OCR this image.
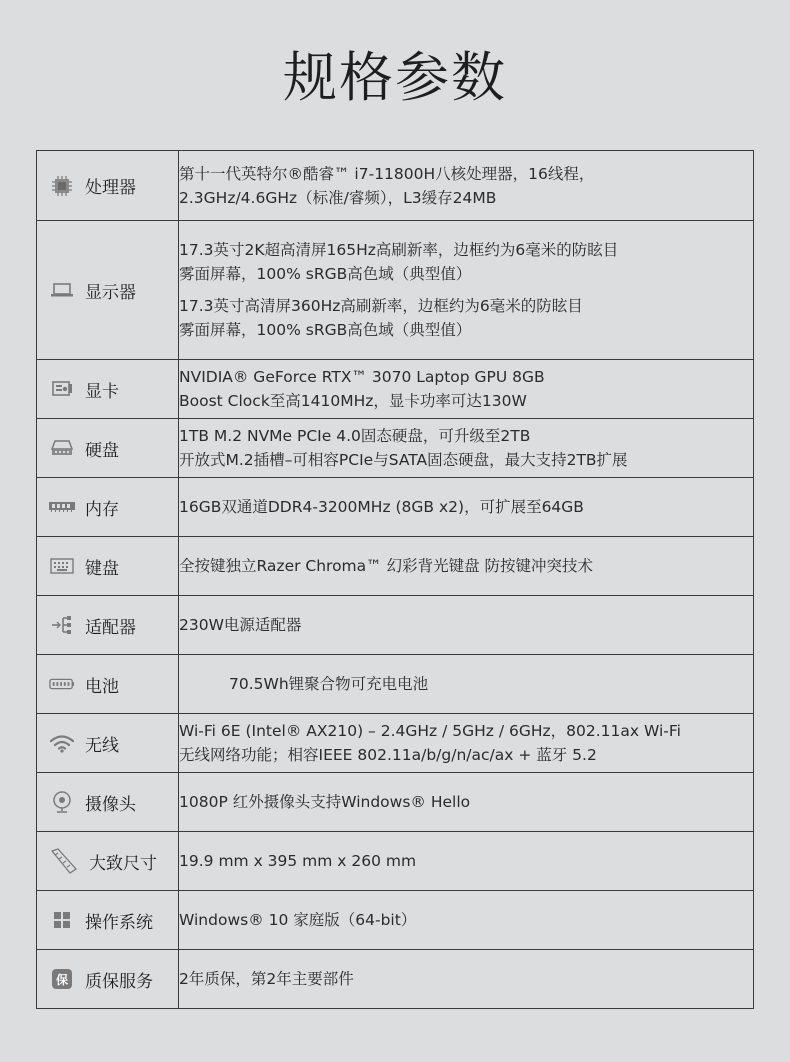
规格参数
处理器	第十一代英特尔®酷睿™ i7-11800H八核处理器，16线程，
2.3GHz/4.6GHz（标准/睿频），L3缓存24MB

显示器	17.3英寸2K超高清屏165Hz高刷新率，边框约为6毫米的防眩目
雾面屏幕，100% sRGB高色域（典型值）
17.3英寸高清屏360Hz高刷新率，边框约为6毫米的防眩目
雾面屏幕，100% sRGB高色域（典型值）

显卡	NVIDIA® GeForce RTX™ 3070 Laptop GPU 8GB
Boost Clock至高1410MHz，显卡功率可达130W

硬盘	1TB M.2 NVMe PCIe 4.0固态硬盘，可升级至2TB
开放式M.2插槽–可相容PCIe与SATA固态硬盘，最大支持2TB扩展

内存	16GB双通道DDR4-3200MHz (8GB x2)，可扩展至64GB

键盘	全按键独立Razer Chroma™ 幻彩背光键盘 防按键冲突技术

适配器	230W电源适配器

电池	70.5Wh锂聚合物可充电电池

无线	Wi-Fi 6E (Intel® AX210) – 2.4GHz / 5GHz / 6GHz，802.11ax Wi-Fi
无线网络功能；相容IEEE 802.11a/b/g/n/ac/ax + 蓝牙 5.2

摄像头	1080P 红外摄像头支持Windows® Hello

大致尺寸	19.9 mm x 395 mm x 260 mm

操作系统	Windows® 10 家庭版（64-bit）

保 质保服务	2年质保，第2年主要部件
